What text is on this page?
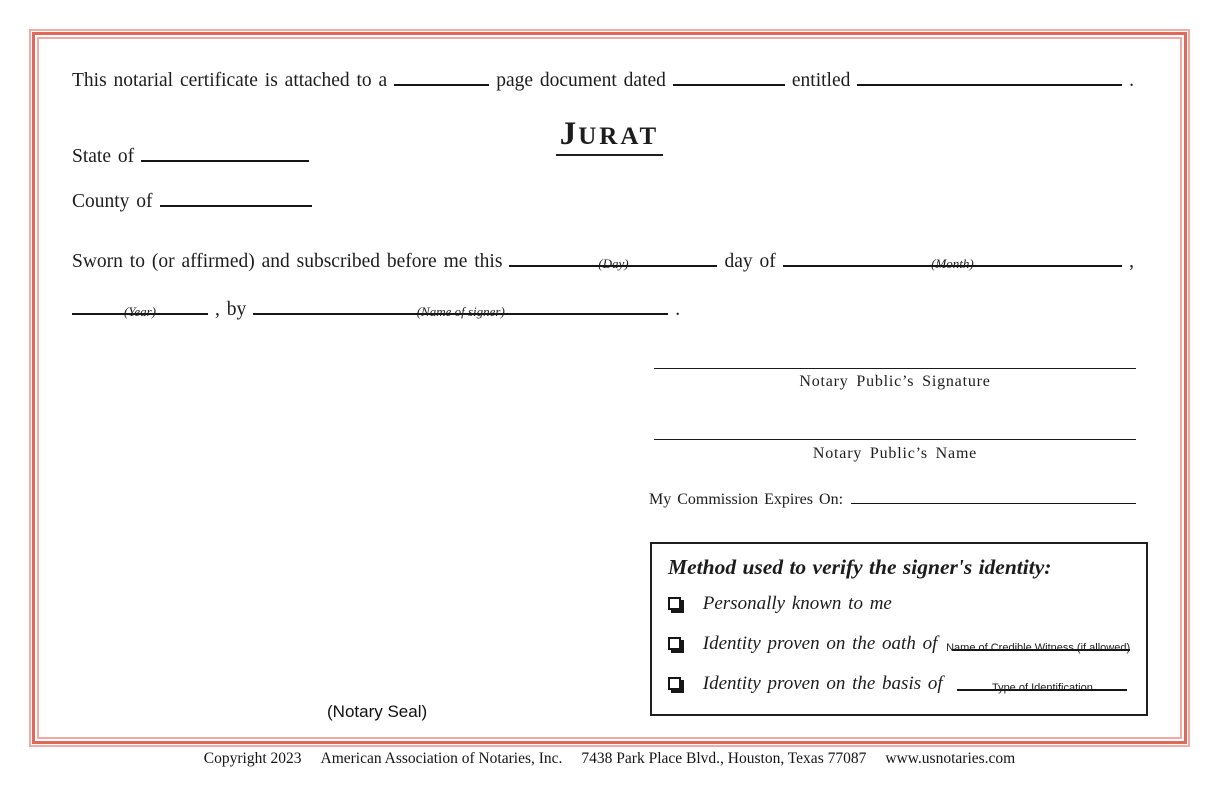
This notarial certificate is attached to a	page document dated	entitled	.
JURAT
State of
County of
Sworn to (or affirmed) and subscribed before me this	(Day)	day of	(Month)	,
(Year)	, by	(Name of signer)	.
Notary Public’s Signature
Notary Public’s Name
My Commission Expires On:
Method used to verify the signer's identity:
Personally known to me
Identity proven on the oath of Name of Credible Witness (if allowed)
Identity proven on the basis of	Type of Identification
(Notary Seal)
Copyright 2023 American Association of Notaries, Inc. 7438 Park Place Blvd., Houston, Texas 77087 www.usnotaries.com
